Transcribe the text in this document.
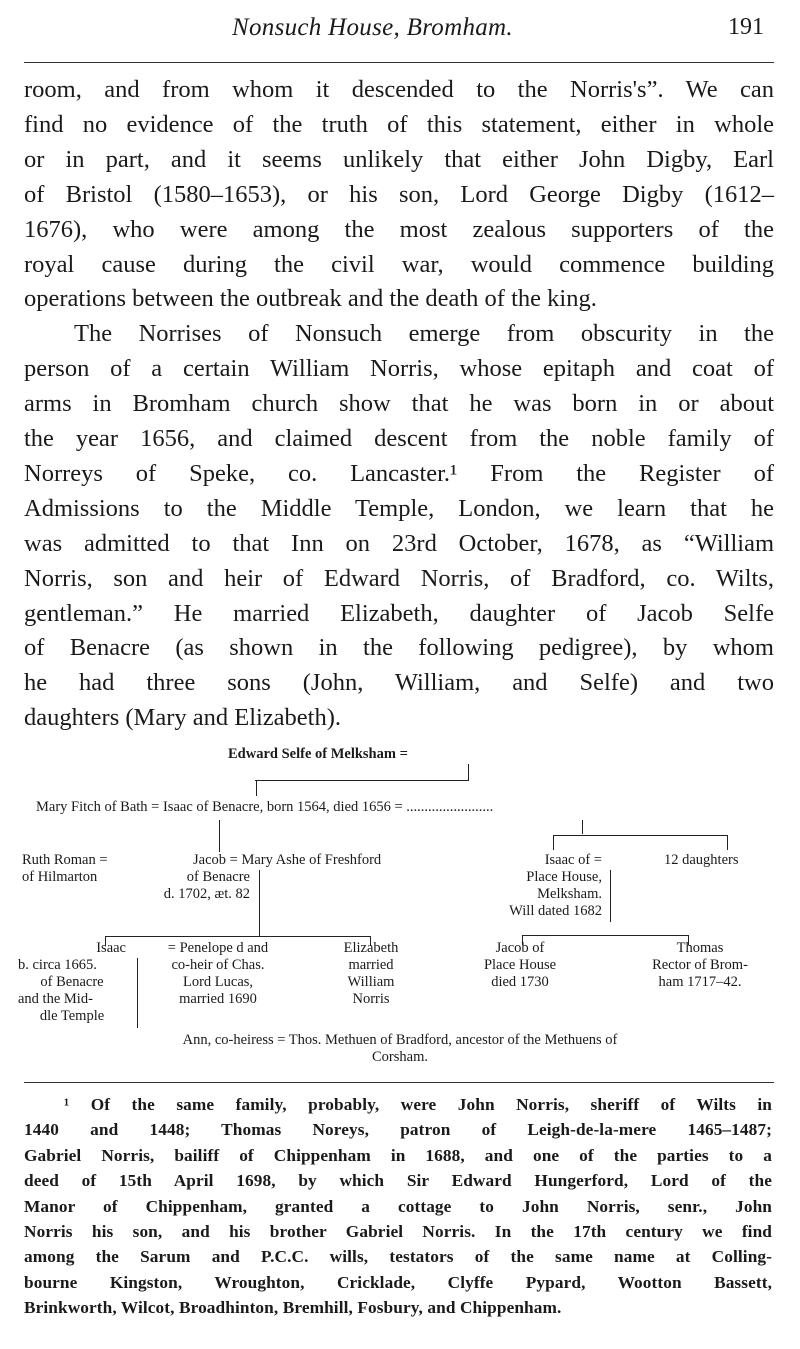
Nonsuch House, Bromham.	191
room, and from whom it descended to the Norris's”. We can
find no evidence of the truth of this statement, either in whole
or in part, and it seems unlikely that either John Digby, Earl
of Bristol (1580–1653), or his son, Lord George Digby (1612–
1676), who were among the most zealous supporters of the
royal cause during the civil war, would commence building
operations between the outbreak and the death of the king.
The Norrises of Nonsuch emerge from obscurity in the
person of a certain William Norris, whose epitaph and coat of
arms in Bromham church show that he was born in or about
the year 1656, and claimed descent from the noble family of
Norreys of Speke, co. Lancaster.¹ From the Register of
Admissions to the Middle Temple, London, we learn that he
was admitted to that Inn on 23rd October, 1678, as “William
Norris, son and heir of Edward Norris, of Bradford, co. Wilts,
gentleman.” He married Elizabeth, daughter of Jacob Selfe
of Benacre (as shown in the following pedigree), by whom
he had three sons (John, William, and Selfe) and two
daughters (Mary and Elizabeth).
Edward Selfe of Melksham =
Mary Fitch of Bath = Isaac of Benacre, born 1564, died 1656 = ........................
Ruth Roman =
of Hilmarton
Jacob = Mary Ashe of Freshford
of Benacre
d. 1702, æt. 82
Isaac of =
Place House,
Melksham.
Will dated 1682
12 daughters
Isaac
b. circa 1665.
of Benacre
and the Mid-
dle Temple
= Penelope d and
co-heir of Chas.
Lord Lucas,
married 1690
Elizabeth
married
William
Norris
Jacob of
Place House
died 1730
Thomas
Rector of Brom-
ham 1717–42.
Ann, co-heiress = Thos. Methuen of Bradford, ancestor of the Methuens of
Corsham.
¹ Of the same family, probably, were John Norris, sheriff of Wilts in
1440 and 1448; Thomas Noreys, patron of Leigh-de-la-mere 1465–1487;
Gabriel Norris, bailiff of Chippenham in 1688, and one of the parties to a
deed of 15th April 1698, by which Sir Edward Hungerford, Lord of the
Manor of Chippenham, granted a cottage to John Norris, senr., John
Norris his son, and his brother Gabriel Norris. In the 17th century we find
among the Sarum and P.C.C. wills, testators of the same name at Colling-
bourne Kingston, Wroughton, Cricklade, Clyffe Pypard, Wootton Bassett,
Brinkworth, Wilcot, Broadhinton, Bremhill, Fosbury, and Chippenham.
